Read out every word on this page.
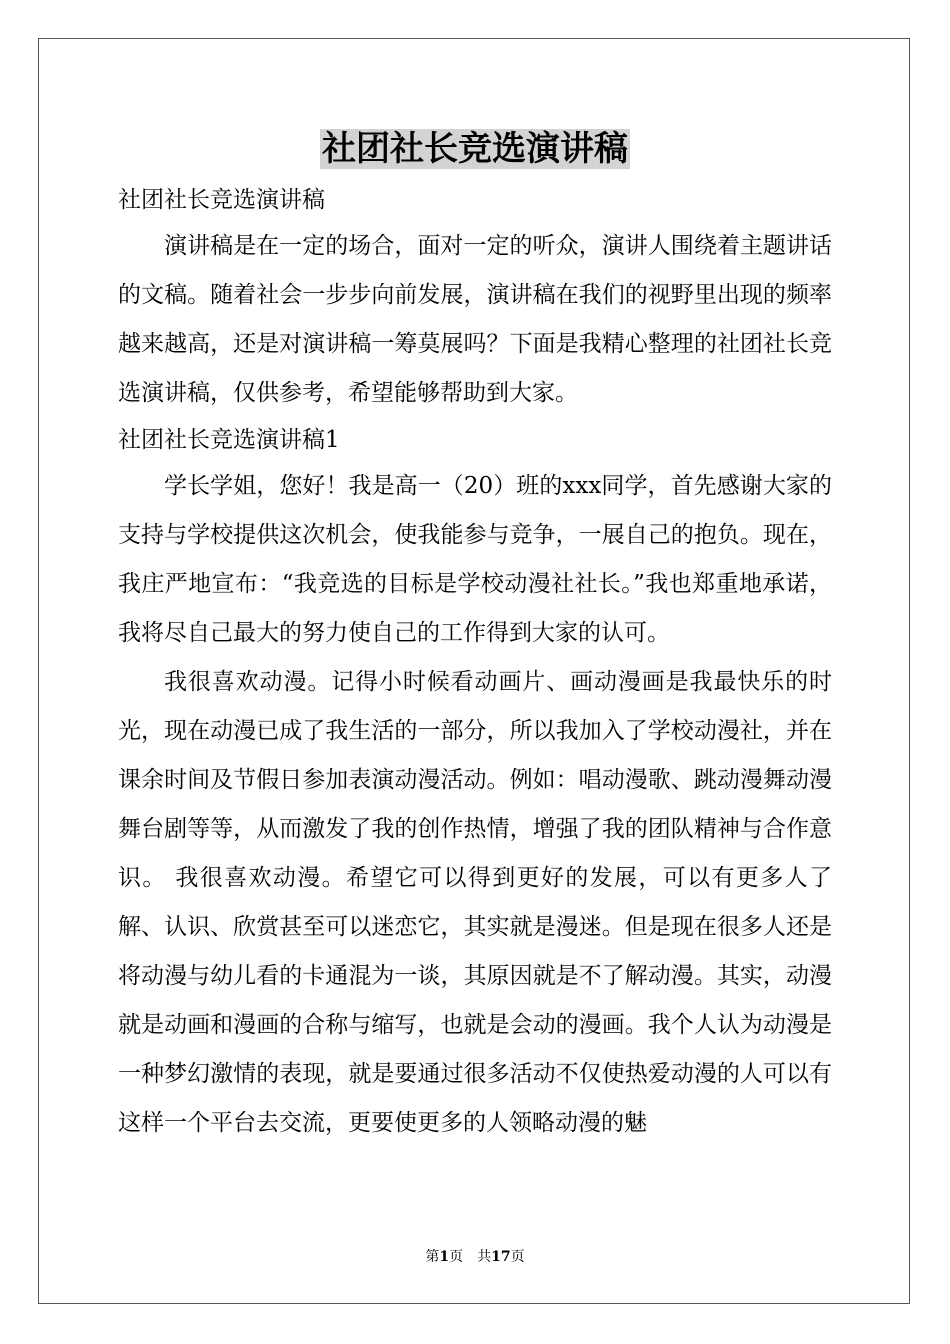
社团社长竞选演讲稿

社团社长竞选演讲稿

演讲稿是在一定的场合，面对一定的听众，演讲人围绕着主题讲话的文稿。随着社会一步步向前发展，演讲稿在我们的视野里出现的频率越来越高，还是对演讲稿一筹莫展吗？下面是我精心整理的社团社长竞选演讲稿，仅供参考，希望能够帮助到大家。

社团社长竞选演讲稿1

学长学姐，您好！我是高一（20）班的xxx同学，首先感谢大家的支持与学校提供这次机会，使我能参与竞争，一展自己的抱负。现在，我庄严地宣布：“我竞选的目标是学校动漫社社长。”我也郑重地承诺，我将尽自己最大的努力使自己的工作得到大家的认可。

我很喜欢动漫。记得小时候看动画片、画动漫画是我最快乐的时光，现在动漫已成了我生活的一部分，所以我加入了学校动漫社，并在课余时间及节假日参加表演动漫活动。例如：唱动漫歌、跳动漫舞动漫舞台剧等等，从而激发了我的创作热情，增强了我的团队精神与合作意识。 我很喜欢动漫。希望它可以得到更好的发展，可以有更多人了解、认识、欣赏甚至可以迷恋它，其实就是漫迷。但是现在很多人还是将动漫与幼儿看的卡通混为一谈，其原因就是不了解动漫。其实，动漫就是动画和漫画的合称与缩写，也就是会动的漫画。我个人认为动漫是一种梦幻激情的表现，就是要通过很多活动不仅使热爱动漫的人可以有这样一个平台去交流，更要使更多的人领略动漫的魅

第1页　共17页
